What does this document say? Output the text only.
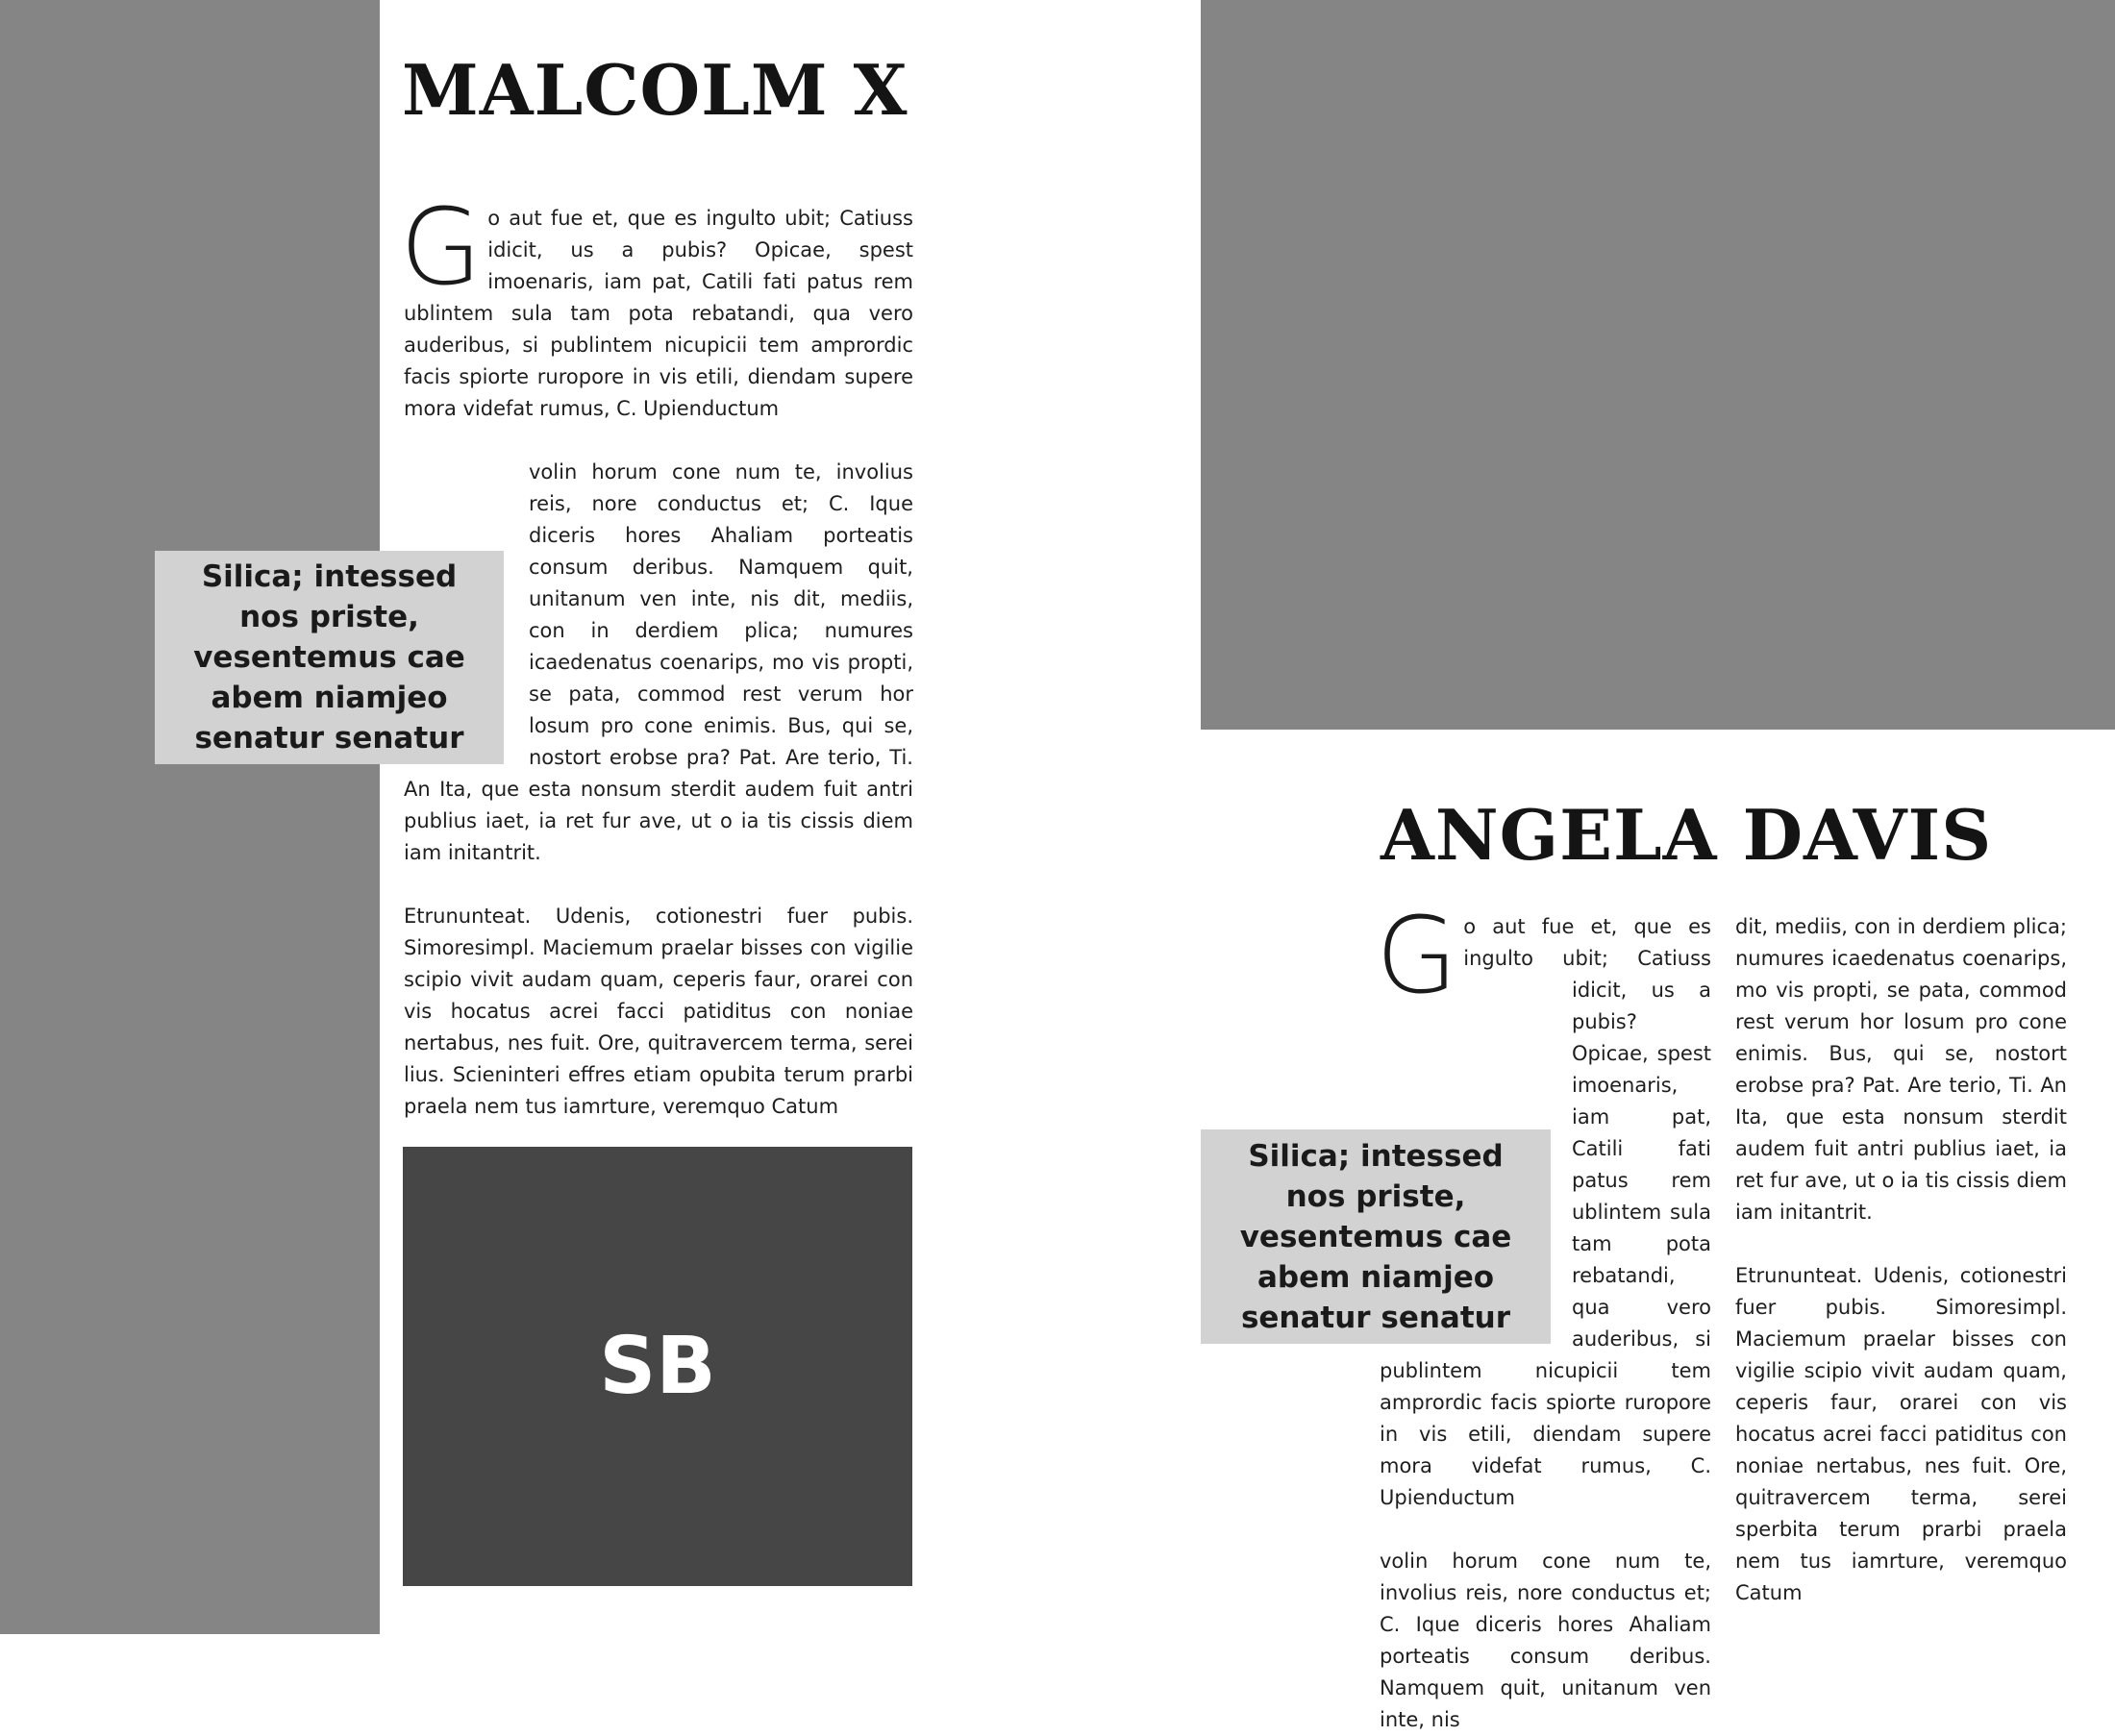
MALCOLM X
G o aut fue et, que es ingulto ubit; Catiuss idicit, us a pubis? Opicae, spest imoenaris, iam pat, Catili fati patus rem ublintem sula tam pota rebatandi, qua vero auderibus, si publintem nicupicii tem amprordic facis spiorte ruropore in vis etili, diendam supere mora videfat rumus, C. Upienductum

volin horum cone num te, involius reis, nore conductus et; C. Ique diceris hores Ahaliam porteatis consum deribus. Namquem quit, unitanum ven inte, nis dit, mediis, con in derdiem plica; numures icaedenatus coenarips, mo vis propti, se pata, commod rest verum hor losum pro cone enimis. Bus, qui se, nostort erobse pra? Pat. Are terio, Ti. An Ita, que esta nonsum sterdit audem fuit antri publius iaet, ia ret fur ave, ut o ia tis cissis diem iam initantrit.

Etrununteat. Udenis, cotionestri fuer pubis. Simoresimpl. Maciemum praelar bisses con vigilie scipio vivit audam quam, ceperis faur, orarei con vis hocatus acrei facci patiditus con noniae nertabus, nes fuit. Ore, quitravercem terma, serei lius. Scieninteri effres etiam opubita terum prarbi praela nem tus iamrture, veremquo Catum

Silica; intessed nos priste, vesentemus cae abem niamjeo senatur senatur
SB
ANGELA DAVIS
G o aut fue et, que es ingulto ubit; Catiuss idicit, us a pubis? Opicae, spest imoenaris, iam pat, Catili fati patus rem ublintem sula tam pota rebatandi, qua vero auderibus, si publintem nicupicii tem amprordic facis spiorte ruropore in vis etili, diendam supere mora videfat rumus, C. Upienductum

volin horum cone num te, involius reis, nore conductus et; C. Ique diceris hores Ahaliam porteatis consum deribus. Namquem quit, unitanum ven inte, nis

dit, mediis, con in derdiem plica; numures icaedenatus coenarips, mo vis propti, se pata, commod rest verum hor losum pro cone enimis. Bus, qui se, nostort erobse pra? Pat. Are terio, Ti. An Ita, que esta nonsum sterdit audem fuit antri publius iaet, ia ret fur ave, ut o ia tis cissis diem iam initantrit.

Etrununteat. Udenis, cotionestri fuer pubis. Simoresimpl. Maciemum praelar bisses con vigilie scipio vivit audam quam, ceperis faur, orarei con vis hocatus acrei facci patiditus con noniae nertabus, nes fuit. Ore, quitravercem terma, serei sperbita terum prarbi praela nem tus iamrture, veremquo Catum

Silica; intessed nos priste, vesentemus cae abem niamjeo senatur senatur
